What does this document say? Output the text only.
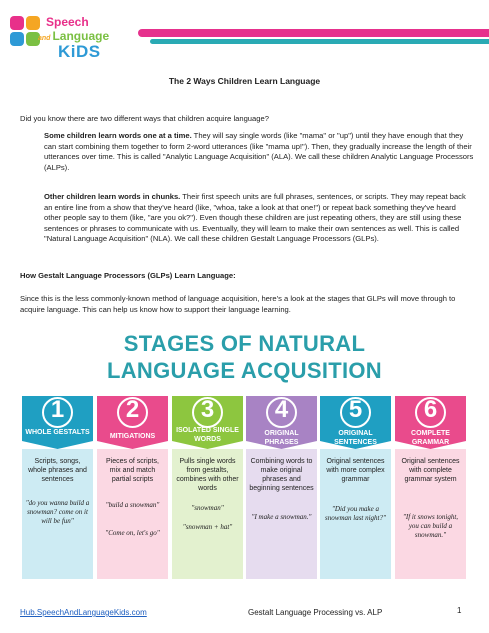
Speech
and Language
KiDS
The 2 Ways Children Learn Language
Did you know there are two different ways that children acquire language?
Some children learn words one at a time. They will say single words (like "mama" or "up") until they have enough that they can start combining them together to form 2-word utterances (like "mama up!"). Then, they gradually increase the length of their utterances over time. This is called "Analytic Language Acquisition" (ALA). We call these children Analytic Language Processors (ALPs).
Other children learn words in chunks. Their first speech units are full phrases, sentences, or scripts. They may repeat back an entire line from a show that they've heard (like, "whoa, take a look at that one!") or repeat back something they've heard other people say to them (like, "are you ok?"). Even though these children are just repeating others, they are still using these sentences or phrases to communicate with us. Eventually, they will learn to make their own sentences as well. This is called "Natural Language Acquisition" (NLA). We call these children Gestalt Language Processors (GLPs).
How Gestalt Language Processors (GLPs) Learn Language:
Since this is the less commonly-known method of language acquisition, here's a look at the stages that GLPs will move through to acquire language. This can help us know how to support their language learning.
STAGES OF NATURAL
LANGUAGE ACQUSITION
1
WHOLE GESTALTS
Scripts, songs, whole phrases and sentences
"do you wanna build a snowman? come on it will be fun"
2
MITIGATIONS
Pieces of scripts, mix and match partial scripts
"build a snowman"
"Come on, let's go"
3
ISOLATED SINGLE WORDS
Pulls single words from gestalts, combines with other words
"snowman"
"snowman + hat"
4
ORIGINAL PHRASES
Combining words to make original phrases and beginning sentences
"I make a snowman."
5
ORIGINAL SENTENCES
Original sentences with more complex grammar
"Did you make a snowman last night?"
6
COMPLETE GRAMMAR
Original sentences with complete grammar system
"If it snows tonight, you can build a snowman."
Hub.SpeechAndLanguageKids.com	Gestalt Language Processing vs. ALP	1
